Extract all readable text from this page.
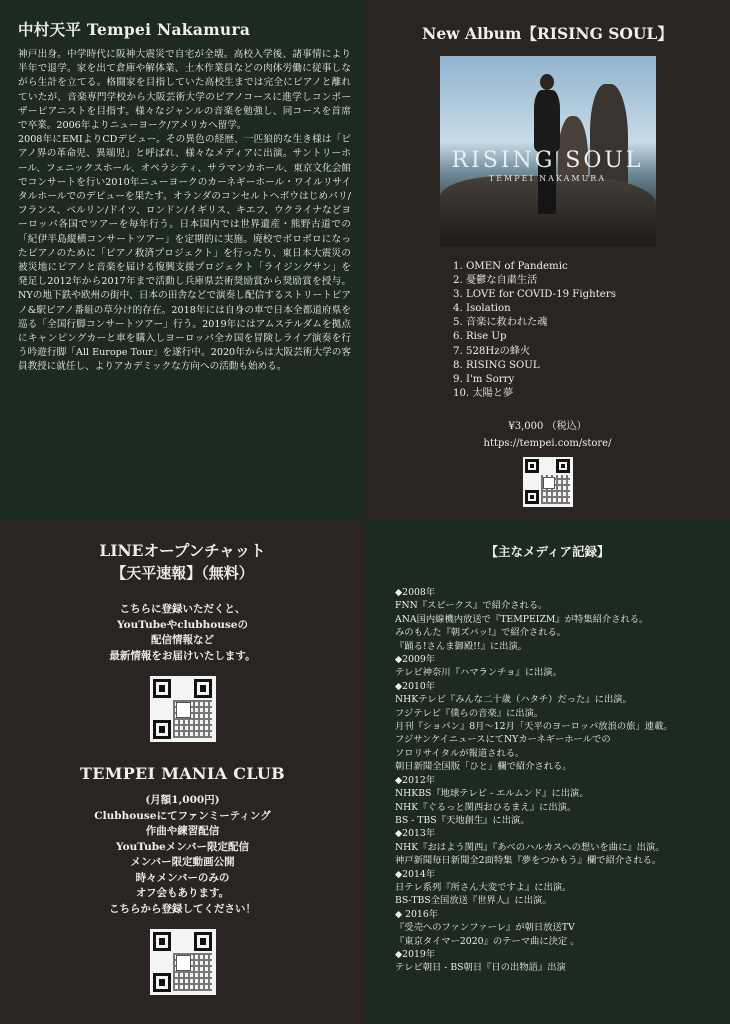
中村天平 Tempei Nakamura

神戸出身。中学時代に阪神大震災で自宅が全壊。高校入学後、諸事情により半年で退学。家を出て倉庫や解体業、土木作業員などの肉体労働に従事しながら生計を立てる。格闘家を目指していた高校生までは完全にピアノと離れていたが、音楽専門学校から大阪芸術大学のピアノコースに進学しコンポーザーピアニストを目指す。様々なジャンルの音楽を勉強し、同コースを首席で卒業。2006年よりニューヨーク/アメリカへ留学。

2008年にEMIよりCDデビュー。その異色の経歴、一匹狼的な生き様は「ピアノ界の革命児、異端児」と呼ばれ、様々なメディアに出演。サントリーホール、フェニックスホール、オペラシティ、サラマンカホール、東京文化会館でコンサートを行い2010年ニューヨークのカーネギーホール・ワイルリサイタルホールでのデビューを果たす。オランダのコンセルトヘボウはじめパリ/フランス、ベルリン/ドイツ、ロンドン/イギリス、キエフ、ウクライナなどヨーロッパ各国でツアーを毎年行う。日本国内では世界遺産・熊野古道での「紀伊半島縦横コンサートツアー」を定期的に実施。廃校でボロボロになったピアノのために「ピアノ救済プロジェクト」を行ったり、東日本大震災の被災地にピアノと音楽を届ける復興支援プロジェクト「ライジングサン」を発足し2012年から2017年まで活動し兵庫県芸術奨励賞から奨励賞を授与。NYの地下鉄や欧州の街中、日本の田舎などで演奏し配信するストリートピアノ&駅ピアノ番組の草分け的存在。2018年には自身の車で日本全都道府県を巡る「全国行脚コンサートツアー」行う。2019年にはアムステルダムを拠点にキャンピングカーと車を購入しヨーロッパ全カ国を冒険しライブ演奏を行う吟遊行脚「All Europe Tour」を遂行中。2020年からは大阪芸術大学の客員教授に就任し、よりアカデミックな方向への活動も始める。

New Album【RISING SOUL】
RISING SOUL
TEMPEI NAKAMURA
1. OMEN of Pandemic
2. 憂鬱な自粛生活
3. LOVE for COVID-19 Fighters
4. Isolation
5. 音楽に救われた魂
6. Rise Up
7. 528Hzの蜂火
8. RISING SOUL
9. I'm Sorry
10. 太陽と夢
¥3,000 （税込）
https://tempei.com/store/
LINEオープンチャット
【天平速報】（無料）

こちらに登録いただくと、

YouTubeやclubhouseの

配信情報など

最新情報をお届けいたします。

TEMPEI MANIA CLUB

(月額1,000円)

Clubhouseにてファンミーティング

作曲や練習配信

YouTubeメンバー限定配信

メンバー限定動画公開

時々メンバーのみの

オフ会もあります。

こちらから登録してください！

【主なメディア記録】
◆2008年
FNN『スピークス』で紹介される。
ANA国内線機内放送で『TEMPEIZM』が特集紹介される。
みのもんた『朝ズバッ!』で紹介される。
『踊る!さんま御殿!!』に出演。
◆2009年
テレビ神奈川『ハマランチョ』に出演。
◆2010年
NHKテレビ『みんな二十歳（ハタチ）だった』に出演。
フジテレビ『僕らの音楽』に出演。
月刊『ショパン』8月〜12月「天平のヨーロッパ放浪の旅」連載。
フジサンケイニュースにてNYカーネギーホールでの
ソロリサイタルが報道される。
朝日新聞全国版「ひと」欄で紹介される。
◆2012年
NHKBS『地球テレビ - エルムンド』に出演。
NHK『ぐるっと関西おひるまえ』に出演。
BS - TBS『天地創生』に出演。
◆2013年
NHK『おはよう関西』『あべのハルカスへの想いを曲に』出演。
神戸新聞毎日新聞全2面特集『夢をつかもう』欄で紹介される。
◆2014年
日テレ系列『所さん大変ですよ』に出演。
BS-TBS全国放送『世界人』に出演。
◆ 2016年
『受売へのファンファーレ』が朝日放送TV
『東京タイマー2020』のテーマ曲に決定 。
◆2019年
テレビ朝日 - BS朝日『日の出物語』出演
